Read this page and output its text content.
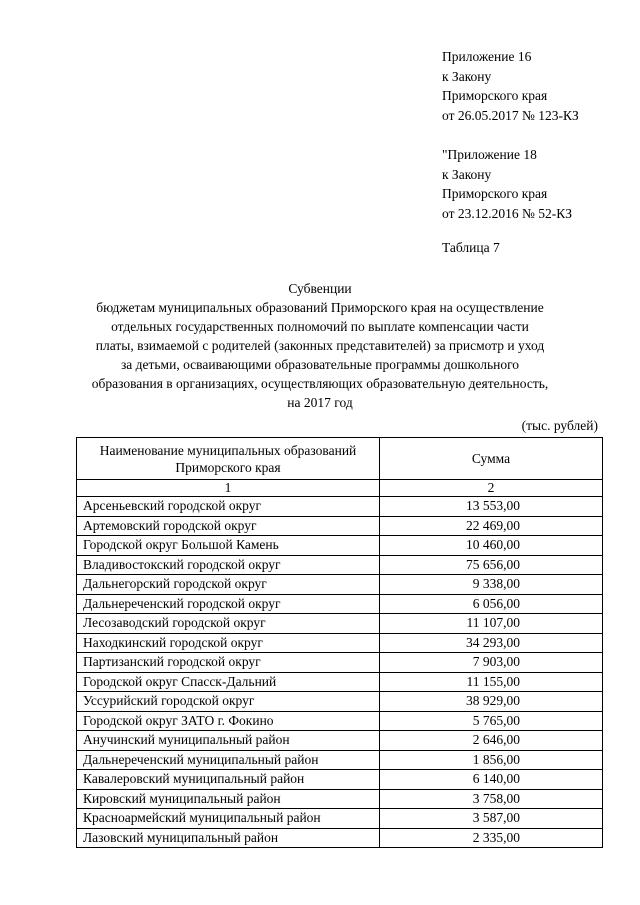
Приложение 16
к Закону
Приморского края
от 26.05.2017 № 123-КЗ
"Приложение 18
к Закону
Приморского края
от 23.12.2016 № 52-КЗ
Таблица 7
Субвенции
бюджетам муниципальных образований Приморского края на осуществление
отдельных государственных полномочий по выплате компенсации части
платы, взимаемой с родителей (законных представителей) за присмотр и уход
за детьми, осваивающими образовательные программы дошкольного
образования в организациях, осуществляющих образовательную деятельность,
на 2017 год
(тыс. рублей)
Наименование муниципальных образований Приморского края	Сумма
1	2
Арсеньевский городской округ	13 553,00
Артемовский городской округ	22 469,00
Городской округ Большой Камень	10 460,00
Владивостокский городской округ	75 656,00
Дальнегорский городской округ	9 338,00
Дальнереченский городской округ	6 056,00
Лесозаводский городской округ	11 107,00
Находкинский городской округ	34 293,00
Партизанский городской округ	7 903,00
Городской округ Спасск-Дальний	11 155,00
Уссурийский городской округ	38 929,00
Городской округ ЗАТО г. Фокино	5 765,00
Анучинский муниципальный район	2 646,00
Дальнереченский муниципальный район	1 856,00
Кавалеровский муниципальный район	6 140,00
Кировский муниципальный район	3 758,00
Красноармейский муниципальный район	3 587,00
Лазовский муниципальный район	2 335,00
